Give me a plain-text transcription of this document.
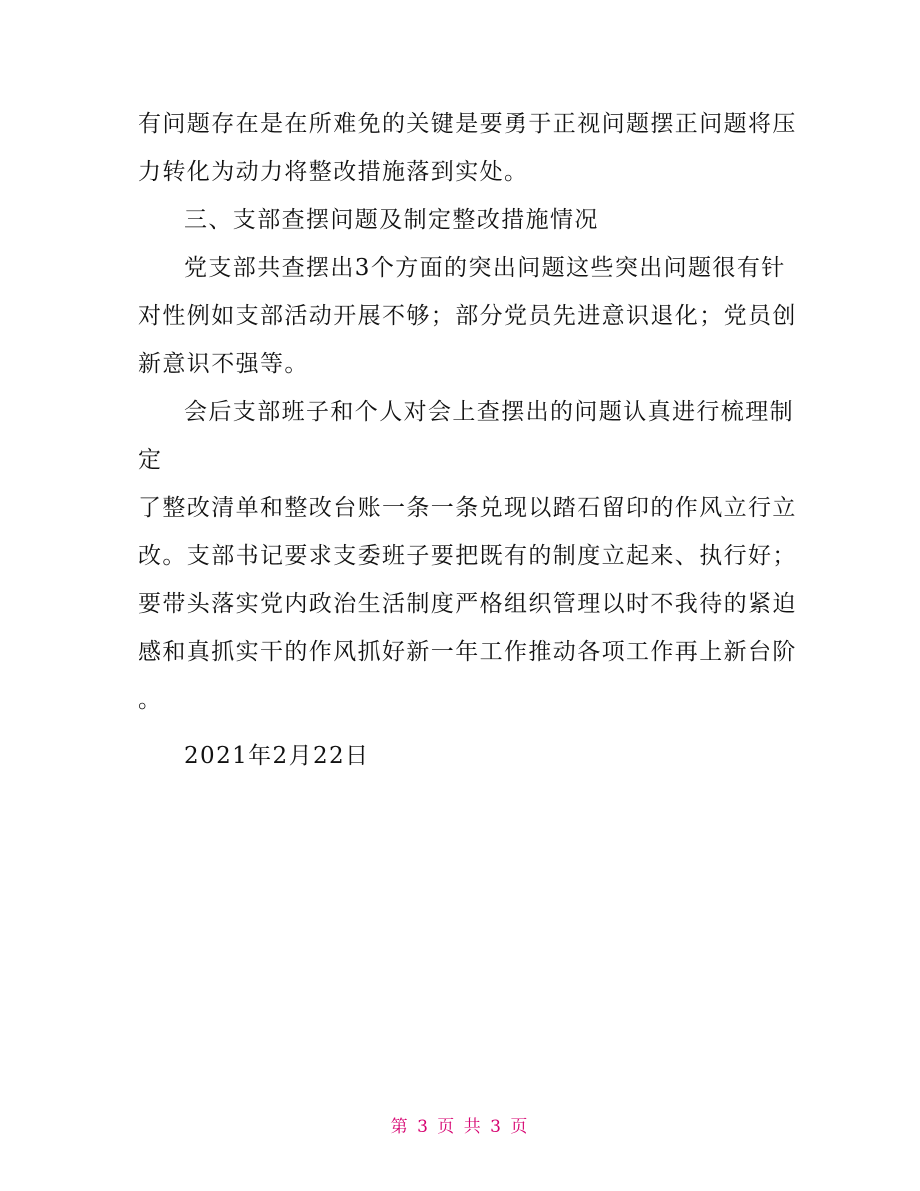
有问题存在是在所难免的关键是要勇于正视问题摆正问题将压
力转化为动力将整改措施落到实处。
三、支部查摆问题及制定整改措施情况
党支部共查摆出3个方面的突出问题这些突出问题很有针
对性例如支部活动开展不够；部分党员先进意识退化；党员创
新意识不强等。
会后支部班子和个人对会上查摆出的问题认真进行梳理制
定
了整改清单和整改台账一条一条兑现以踏石留印的作风立行立
改。支部书记要求支委班子要把既有的制度立起来、执行好；
要带头落实党内政治生活制度严格组织管理以时不我待的紧迫
感和真抓实干的作风抓好新一年工作推动各项工作再上新台阶
。
2021年2月22日
第 3 页 共 3 页
